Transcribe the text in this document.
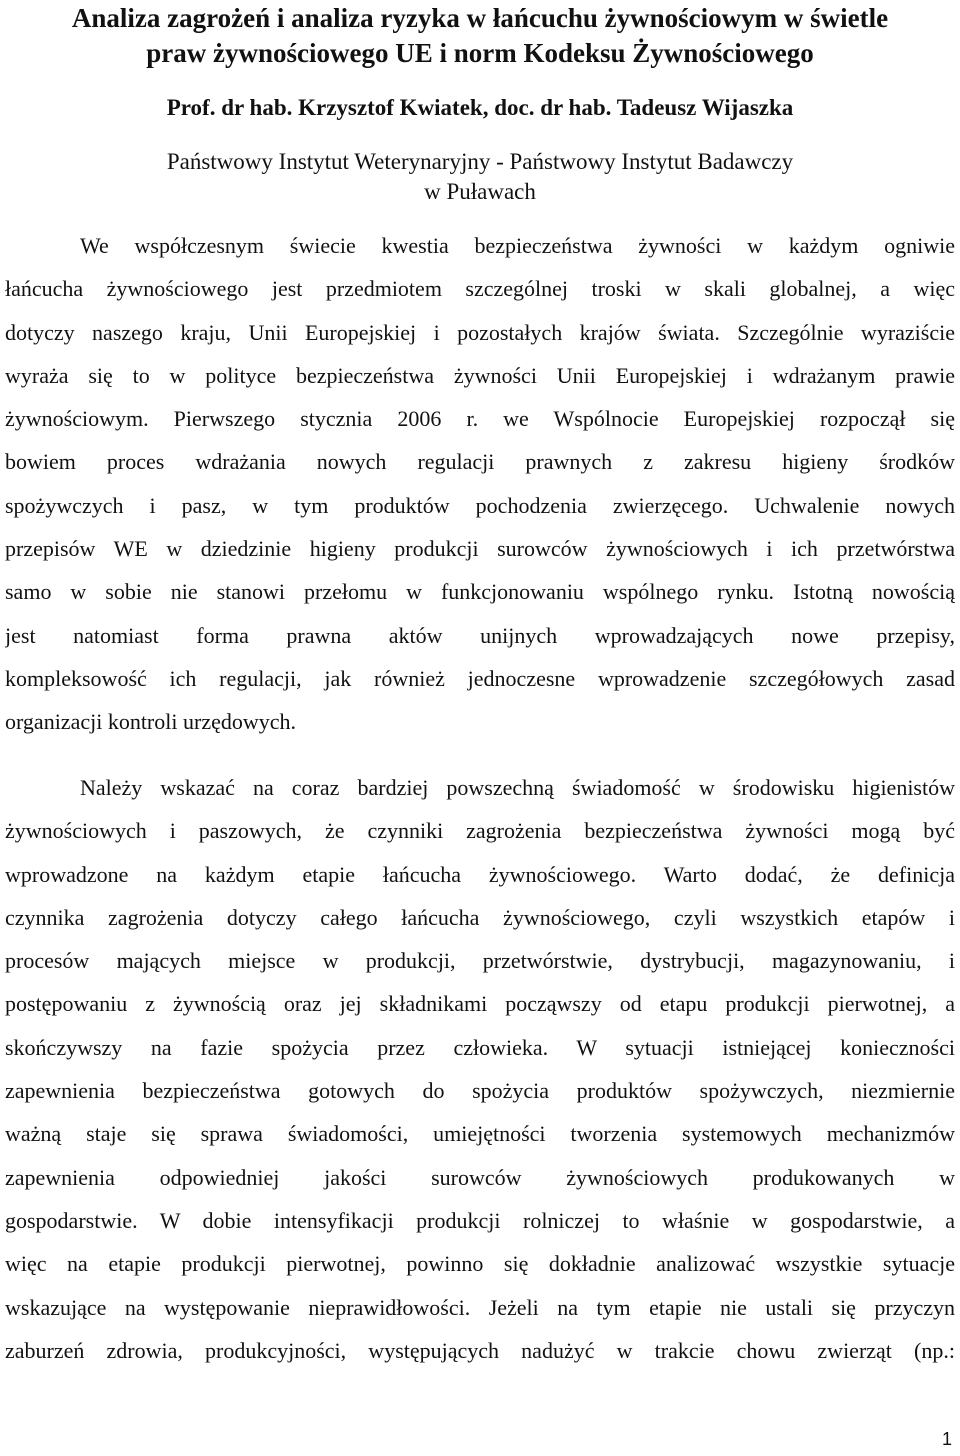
Analiza zagrożeń i analiza ryzyka w łańcuchu żywnościowym w świetle
praw żywnościowego UE i norm Kodeksu Żywnościowego

Prof. dr hab. Krzysztof Kwiatek, doc. dr hab. Tadeusz Wijaszka

Państwowy Instytut Weterynaryjny - Państwowy Instytut Badawczy
w Puławach

We współczesnym świecie kwestia bezpieczeństwa żywności w każdym ogniwie
łańcucha żywnościowego jest przedmiotem szczególnej troski w skali globalnej, a więc
dotyczy naszego kraju, Unii Europejskiej i pozostałych krajów świata. Szczególnie wyraziście
wyraża się to w polityce bezpieczeństwa żywności Unii Europejskiej i wdrażanym prawie
żywnościowym. Pierwszego stycznia 2006 r. we Wspólnocie Europejskiej rozpoczął się
bowiem proces wdrażania nowych regulacji prawnych z zakresu higieny środków
spożywczych i pasz, w tym produktów pochodzenia zwierzęcego. Uchwalenie nowych
przepisów WE w dziedzinie higieny produkcji surowców żywnościowych i ich przetwórstwa
samo w sobie nie stanowi przełomu w funkcjonowaniu wspólnego rynku. Istotną nowością
jest natomiast forma prawna aktów unijnych wprowadzających nowe przepisy,
kompleksowość ich regulacji, jak również jednoczesne wprowadzenie szczegółowych zasad
organizacji kontroli urzędowych.
Należy wskazać na coraz bardziej powszechną świadomość w środowisku higienistów
żywnościowych i paszowych, że czynniki zagrożenia bezpieczeństwa żywności mogą być
wprowadzone na każdym etapie łańcucha żywnościowego. Warto dodać, że definicja
czynnika zagrożenia dotyczy całego łańcucha żywnościowego, czyli wszystkich etapów i
procesów mających miejsce w produkcji, przetwórstwie, dystrybucji, magazynowaniu, i
postępowaniu z żywnością oraz jej składnikami począwszy od etapu produkcji pierwotnej, a
skończywszy na fazie spożycia przez człowieka. W sytuacji istniejącej konieczności
zapewnienia bezpieczeństwa gotowych do spożycia produktów spożywczych, niezmiernie
ważną staje się sprawa świadomości, umiejętności tworzenia systemowych mechanizmów
zapewnienia odpowiedniej jakości surowców żywnościowych produkowanych w
gospodarstwie. W dobie intensyfikacji produkcji rolniczej to właśnie w gospodarstwie, a
więc na etapie produkcji pierwotnej, powinno się dokładnie analizować wszystkie sytuacje
wskazujące na występowanie nieprawidłowości. Jeżeli na tym etapie nie ustali się przyczyn
zaburzeń zdrowia, produkcyjności, występujących nadużyć w trakcie chowu zwierząt (np.:
1
